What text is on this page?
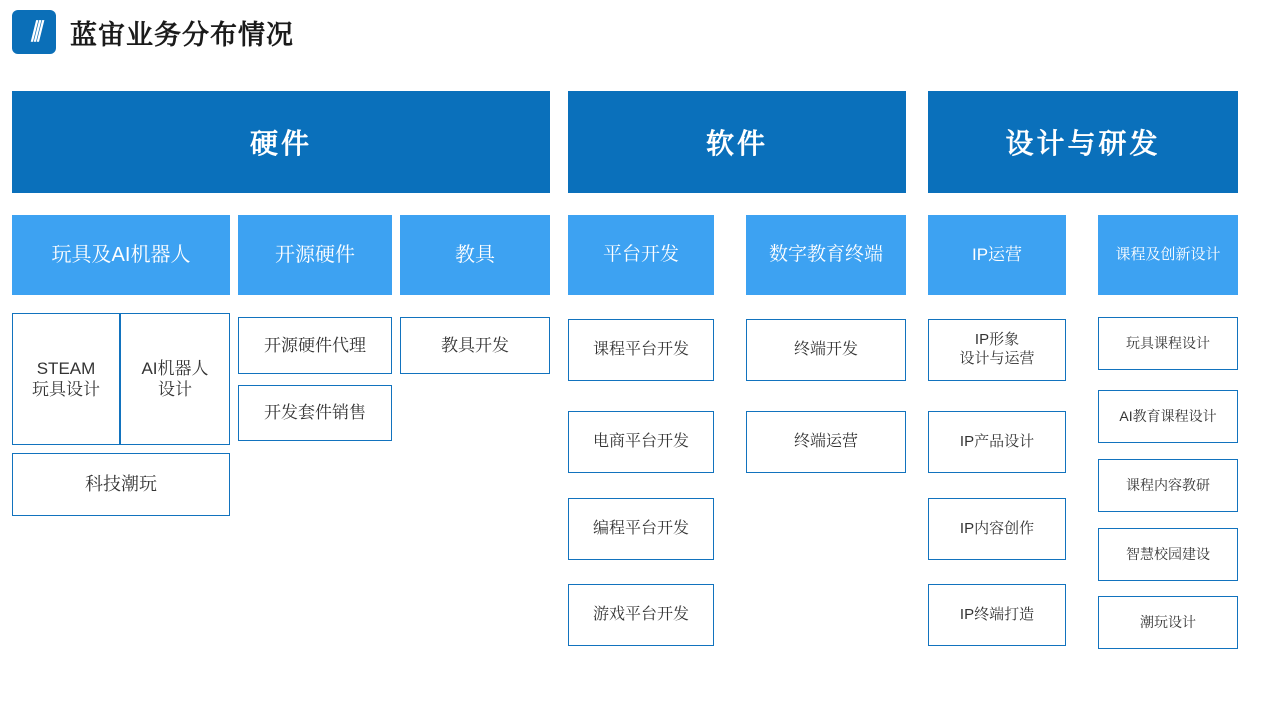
⫼	蓝宙业务分布情况
硬件	软件	设计与研发
玩具及AI机器人	开源硬件	教具	平台开发	数字教育终端	IP运营	课程及创新设计
STEAM
玩具设计
AI机器人
设计
科技潮玩
开源硬件代理
开发套件销售
教具开发	课程平台开发
电商平台开发
编程平台开发
游戏平台开发
终端开发
终端运营
IP形象
设计与运营
IP产品设计
IP内容创作
IP终端打造
玩具课程设计
AI教育课程设计
课程内容教研
智慧校园建设
潮玩设计
